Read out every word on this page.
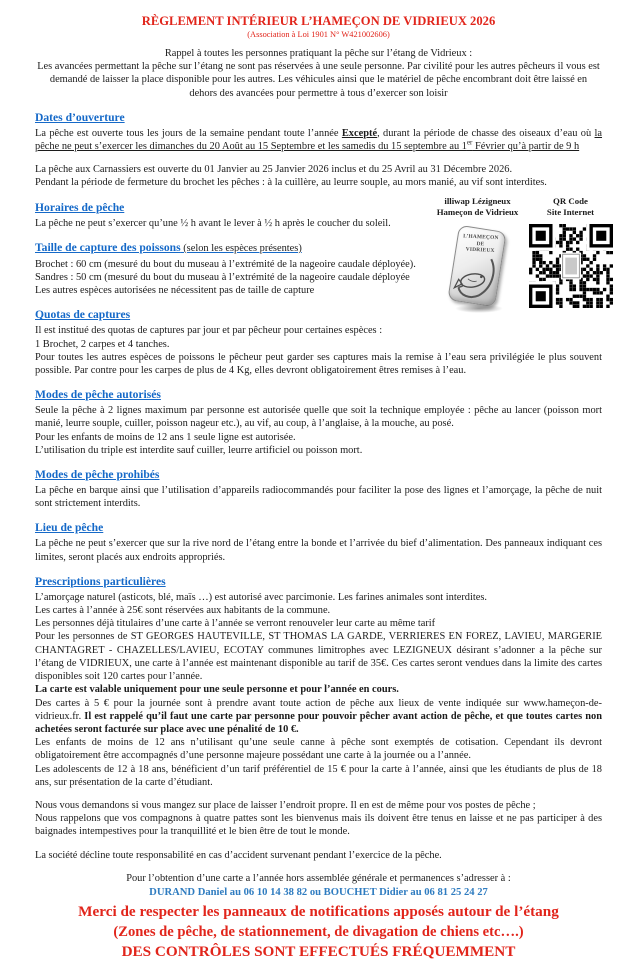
RÈGLEMENT INTÉRIEUR L’HAMEÇON DE VIDRIEUX 2026
(Association à Loi 1901 N° W421002606)

Rappel à toutes les personnes pratiquant la pêche sur l’étang de Vidrieux :

Les avancées permettant la pêche sur l’étang ne sont pas réservées à une seule personne. Par civilité pour les autres pêcheurs il vous est demandé de laisser la place disponible pour les autres. Les véhicules ainsi que le matériel de pêche encombrant doit être laissé en dehors des avancées pour permettre à tous d’exercer son loisir

Dates d’ouverture

La pêche est ouverte tous les jours de la semaine pendant toute l’année Excepté, durant la période de chasse des oiseaux d’eau où la pêche ne peut s’exercer les dimanches du 20 Août au 15 Septembre et les samedis du 15 septembre au 1er Février qu’à partir de 9 h

La pêche aux Carnassiers est ouverte du 01 Janvier au 25 Janvier 2026 inclus et du 25 Avril au 31 Décembre 2026.

Pendant la période de fermeture du brochet les pêches : à la cuillère, au leurre souple, au mors manié, au vif sont interdites.

illiwap Lézigneux
Hameçon de Vidrieux
L’HAMEÇON
DE
VIDRIEUX
QR Code
Site Internet
Horaires de pêche

La pêche ne peut s’exercer qu’une ½ h avant le lever à ½ h après le coucher du soleil.

Taille de capture des poissons (selon les espèces présentes)

Brochet : 60 cm (mesuré du bout du museau à l’extrémité de la nageoire caudale déployée).

Sandres : 50 cm (mesuré du bout du museau à l’extrémité de la nageoire caudale déployée

Les autres espèces autorisées ne nécessitent pas de taille de capture

Quotas de captures

Il est institué des quotas de captures par jour et par pêcheur pour certaines espèces :

1 Brochet, 2 carpes et 4 tanches.

Pour toutes les autres espèces de poissons le pêcheur peut garder ses captures mais la remise à l’eau sera privilégiée le plus souvent possible. Par contre pour les carpes de plus de 4 Kg, elles devront obligatoirement êtres remises à l’eau.

Modes de pêche autorisés

Seule la pêche à 2 lignes maximum par personne est autorisée quelle que soit la technique employée : pêche au lancer (poisson mort manié, leurre souple, cuiller, poisson nageur etc.), au vif, au coup, à l’anglaise, à la mouche, au posé.

Pour les enfants de moins de 12 ans 1 seule ligne est autorisée.

L’utilisation du triple est interdite sauf cuiller, leurre artificiel ou poisson mort.

Modes de pêche prohibés

La pêche en barque ainsi que l’utilisation d’appareils radiocommandés pour faciliter la pose des lignes et l’amorçage, la pêche de nuit sont strictement interdits.

Lieu de pêche

La pêche ne peut s’exercer que sur la rive nord de l’étang entre la bonde et l’arrivée du bief d’alimentation. Des panneaux indiquant ces limites, seront placés aux endroits appropriés.

Prescriptions particulières

L’amorçage naturel (asticots, blé, maïs …) est autorisé avec parcimonie. Les farines animales sont interdites.

Les cartes à l’année à 25€ sont réservées aux habitants de la commune.

Les personnes déjà titulaires d’une carte à l’année se verront renouveler leur carte au même tarif

Pour les personnes de ST GEORGES HAUTEVILLE, ST THOMAS LA GARDE, VERRIERES EN FOREZ, LAVIEU, MARGERIE CHANTAGRET - CHAZELLES/LAVIEU, ECOTAY communes limitrophes avec LEZIGNEUX désirant s’adonner a la pêche sur l’étang de VIDRIEUX, une carte à l’année est maintenant disponible au tarif de 35€. Ces cartes seront vendues dans la limite des cartes disponibles soit 120 cartes pour l’année.

La carte est valable uniquement pour une seule personne et pour l’année en cours.

Des cartes à 5 € pour la journée sont à prendre avant toute action de pêche aux lieux de vente indiquée sur www.hameçon-de-vidrieux.fr. Il est rappelé qu’il faut une carte par personne pour pouvoir pêcher avant action de pêche, et que toutes cartes non achetées seront facturée sur place avec une pénalité de 10 €.

Les enfants de moins de 12 ans n’utilisant qu’une seule canne à pêche sont exemptés de cotisation. Cependant ils devront obligatoirement être accompagnés d’une personne majeure possédant une carte à la journée ou a l’année.

Les adolescents de 12 à 18 ans, bénéficient d’un tarif préférentiel de 15 € pour la carte à l’année, ainsi que les étudiants de plus de 18 ans, sur présentation de la carte d’étudiant.

Nous vous demandons si vous mangez sur place de laisser l’endroit propre. Il en est de même pour vos postes de pêche ;

Nous rappelons que vos compagnons à quatre pattes sont les bienvenus mais ils doivent être tenus en laisse et ne pas participer à des baignades intempestives pour la tranquillité et le bien être de tout le monde.

La société décline toute responsabilité en cas d’accident survenant pendant l’exercice de la pêche.

Pour l’obtention d’une carte a l’année hors assemblée générale et permanences s’adresser à :

DURAND Daniel au 06 10 14 38 82 ou BOUCHET Didier au 06 81 25 24 27

Merci de respecter les panneaux de notifications apposés autour de l’étang

(Zones de pêche, de stationnement, de divagation de chiens etc….)

DES CONTRÔLES SONT EFFECTUÉS FRÉQUEMMENT
